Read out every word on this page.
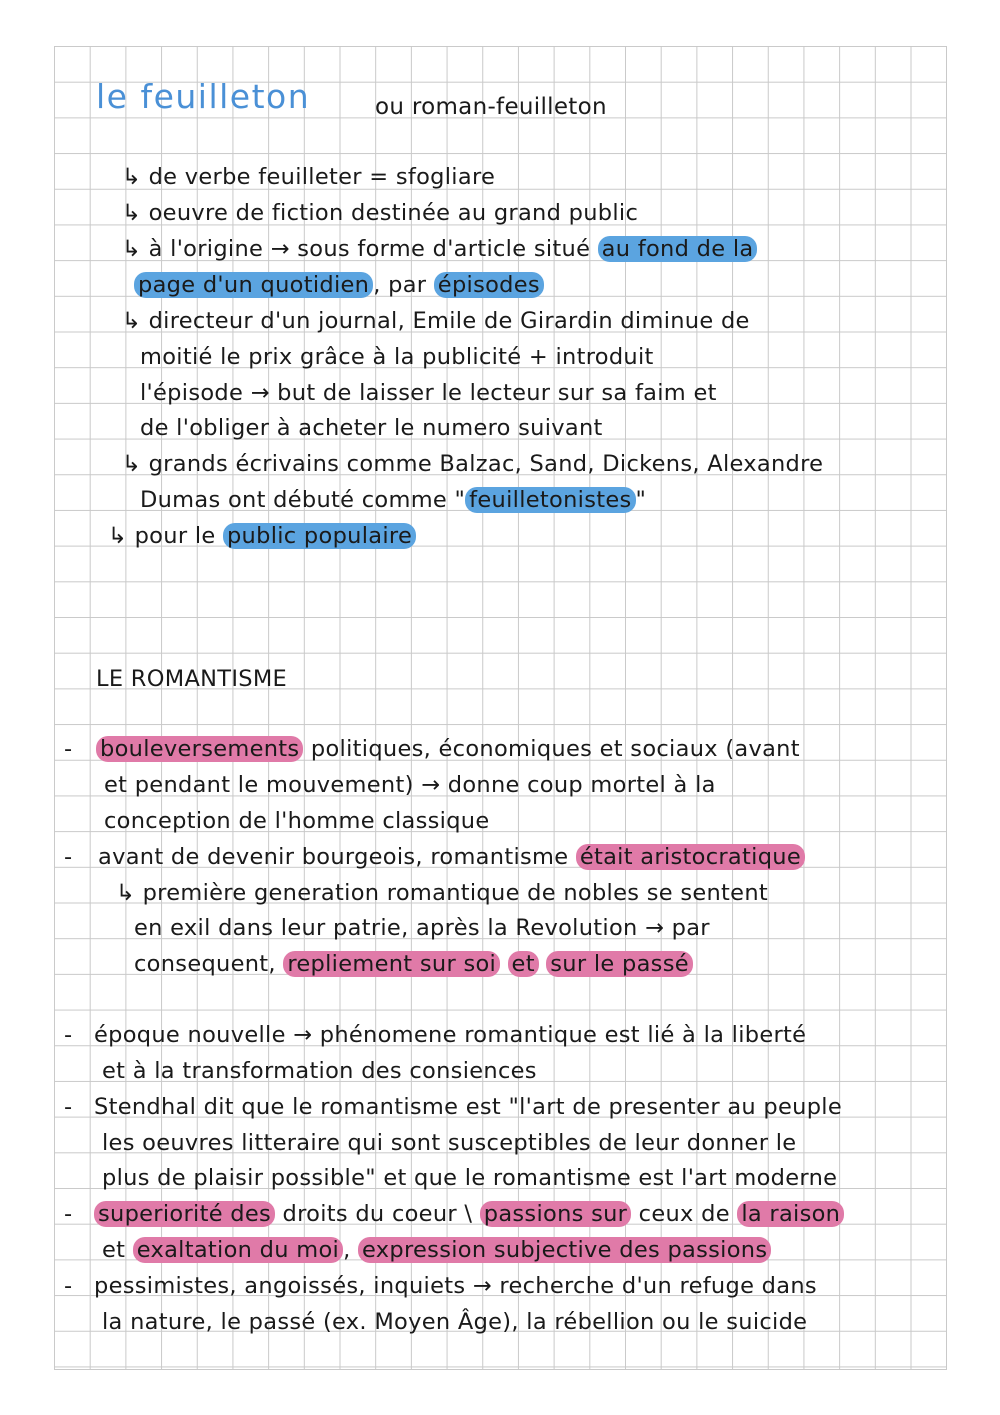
le feuilleton	ou roman-feuilleton
↳ de verbe feuilleter = sfogliare
↳ oeuvre de fiction destinée au grand public
↳ à l'origine → sous forme d'article situé au fond de la
page d'un quotidien , par épisodes
↳ directeur d'un journal, Emile de Girardin diminue de
moitié le prix grâce à la publicité + introduit
l'épisode → but de laisser le lecteur sur sa faim et
de l'obliger à acheter le numero suivant
↳ grands écrivains comme Balzac, Sand, Dickens, Alexandre
Dumas ont débuté comme " feuilletonistes "
↳ pour le public populaire
LE ROMANTISME
- bouleversements politiques, économiques et sociaux (avant
et pendant le mouvement) → donne coup mortel à la
conception de l'homme classique
- avant de devenir bourgeois, romantisme était aristocratique
↳ première generation romantique de nobles se sentent
en exil dans leur patrie, après la Revolution → par
consequent, repliement sur soi et sur le passé
- époque nouvelle → phénomene romantique est lié à la liberté
et à la transformation des consiences
- Stendhal dit que le romantisme est "l'art de presenter au peuple
les oeuvres litteraire qui sont susceptibles de leur donner le
plus de plaisir possible" et que le romantisme est l'art moderne
- superiorité des droits du coeur \ passions sur ceux de la raison
et exaltation du moi , expression subjective des passions
- pessimistes, angoissés, inquiets → recherche d'un refuge dans
la nature, le passé (ex. Moyen Âge), la rébellion ou le suicide
